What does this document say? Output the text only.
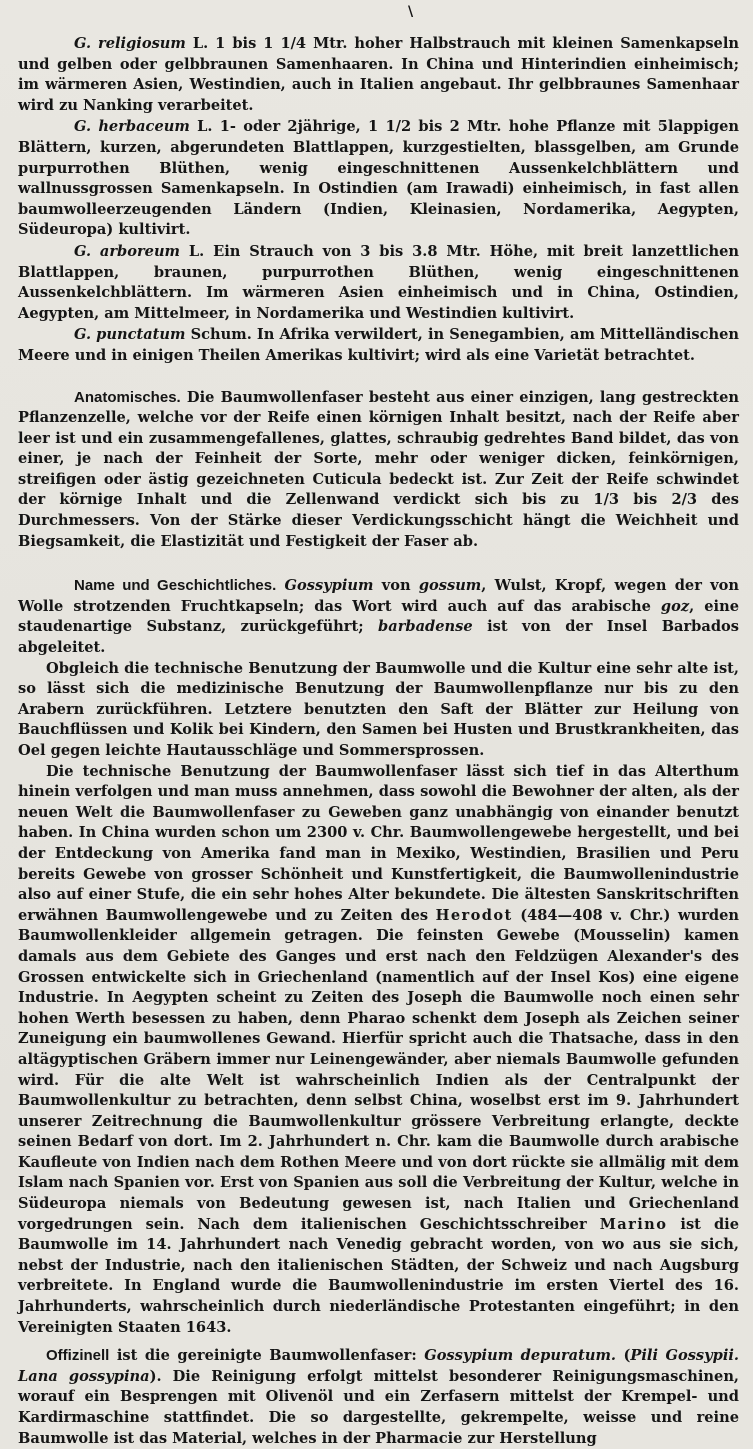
\

G. religiosum L. 1 bis 1 1/4 Mtr. hoher Halbstrauch mit kleinen Samenkapseln und gelben oder gelbbraunen Samenhaaren. In China und Hinterindien einheimisch; im wärmeren Asien, Westindien, auch in Italien angebaut. Ihr gelbbraunes Samenhaar wird zu Nanking verarbeitet.

G. herbaceum L. 1- oder 2jährige, 1 1/2 bis 2 Mtr. hohe Pflanze mit 5lappigen Blättern, kurzen, abgerundeten Blattlappen, kurzgestielten, blassgelben, am Grunde purpurrothen Blüthen, wenig eingeschnittenen Aussenkelchblättern und wallnussgrossen Samenkapseln. In Ostindien (am Irawadi) einheimisch, in fast allen baumwolleerzeugenden Ländern (Indien, Kleinasien, Nordamerika, Aegypten, Südeuropa) kultivirt.

G. arboreum L. Ein Strauch von 3 bis 3.8 Mtr. Höhe, mit breit lanzettlichen Blattlappen, braunen, purpurrothen Blüthen, wenig eingeschnittenen Aussenkelchblättern. Im wärmeren Asien einheimisch und in China, Ostindien, Aegypten, am Mittelmeer, in Nordamerika und Westindien kultivirt.

G. punctatum Schum. In Afrika verwildert, in Senegambien, am Mittelländischen Meere und in einigen Theilen Amerikas kultivirt; wird als eine Varietät betrachtet.

Anatomisches. Die Baumwollenfaser besteht aus einer einzigen, lang gestreckten Pflanzenzelle, welche vor der Reife einen körnigen Inhalt besitzt, nach der Reife aber leer ist und ein zusammengefallenes, glattes, schraubig gedrehtes Band bildet, das von einer, je nach der Feinheit der Sorte, mehr oder weniger dicken, feinkörnigen, streifigen oder ästig gezeichneten Cuticula bedeckt ist. Zur Zeit der Reife schwindet der körnige Inhalt und die Zellenwand verdickt sich bis zu 1/3 bis 2/3 des Durchmessers. Von der Stärke dieser Verdickungsschicht hängt die Weichheit und Biegsamkeit, die Elastizität und Festigkeit der Faser ab.

Name und Geschichtliches. Gossypium von gossum, Wulst, Kropf, wegen der von Wolle strotzenden Fruchtkapseln; das Wort wird auch auf das arabische goz, eine staudenartige Substanz, zurückgeführt; barbadense ist von der Insel Barbados abgeleitet.

Obgleich die technische Benutzung der Baumwolle und die Kultur eine sehr alte ist, so lässt sich die medizinische Benutzung der Baumwollenpflanze nur bis zu den Arabern zurückführen. Letztere benutzten den Saft der Blätter zur Heilung von Bauchflüssen und Kolik bei Kindern, den Samen bei Husten und Brustkrankheiten, das Oel gegen leichte Hautausschläge und Sommersprossen.

Die technische Benutzung der Baumwollenfaser lässt sich tief in das Alterthum hinein verfolgen und man muss annehmen, dass sowohl die Bewohner der alten, als der neuen Welt die Baumwollenfaser zu Geweben ganz unabhängig von einander benutzt haben. In China wurden schon um 2300 v. Chr. Baumwollengewebe hergestellt, und bei der Entdeckung von Amerika fand man in Mexiko, Westindien, Brasilien und Peru bereits Gewebe von grosser Schönheit und Kunstfertigkeit, die Baumwollenindustrie also auf einer Stufe, die ein sehr hohes Alter bekundete. Die ältesten Sanskritschriften erwähnen Baumwollengewebe und zu Zeiten des Herodot (484—408 v. Chr.) wurden Baumwollenkleider allgemein getragen. Die feinsten Gewebe (Mousselin) kamen damals aus dem Gebiete des Ganges und erst nach den Feldzügen Alexander's des Grossen entwickelte sich in Griechenland (namentlich auf der Insel Kos) eine eigene Industrie. In Aegypten scheint zu Zeiten des Joseph die Baumwolle noch einen sehr hohen Werth besessen zu haben, denn Pharao schenkt dem Joseph als Zeichen seiner Zuneigung ein baumwollenes Gewand. Hierfür spricht auch die Thatsache, dass in den altägyptischen Gräbern immer nur Leinengewänder, aber niemals Baumwolle gefunden wird. Für die alte Welt ist wahrscheinlich Indien als der Centralpunkt der Baumwollenkultur zu betrachten, denn selbst China, woselbst erst im 9. Jahrhundert unserer Zeitrechnung die Baumwollenkultur grössere Verbreitung erlangte, deckte seinen Bedarf von dort. Im 2. Jahrhundert n. Chr. kam die Baumwolle durch arabische Kaufleute von Indien nach dem Rothen Meere und von dort rückte sie allmälig mit dem Islam nach Spanien vor. Erst von Spanien aus soll die Verbreitung der Kultur, welche in Südeuropa niemals von Bedeutung gewesen ist, nach Italien und Griechenland vorgedrungen sein. Nach dem italienischen Geschichtsschreiber Marino ist die Baumwolle im 14. Jahrhundert nach Venedig gebracht worden, von wo aus sie sich, nebst der Industrie, nach den italienischen Städten, der Schweiz und nach Augsburg verbreitete. In England wurde die Baumwollenindustrie im ersten Viertel des 16. Jahrhunderts, wahrscheinlich durch niederländische Protestanten eingeführt; in den Vereinigten Staaten 1643.

Offizinell ist die gereinigte Baumwollenfaser: Gossypium depuratum. (Pili Gossypii. Lana gossypina). Die Reinigung erfolgt mittelst besonderer Reinigungsmaschinen, worauf ein Besprengen mit Olivenöl und ein Zerfasern mittelst der Krempel- und Kardirmaschine stattfindet. Die so dargestellte, gekrempelte, weisse und reine Baumwolle ist das Material, welches in der Pharmacie zur Herstellung
